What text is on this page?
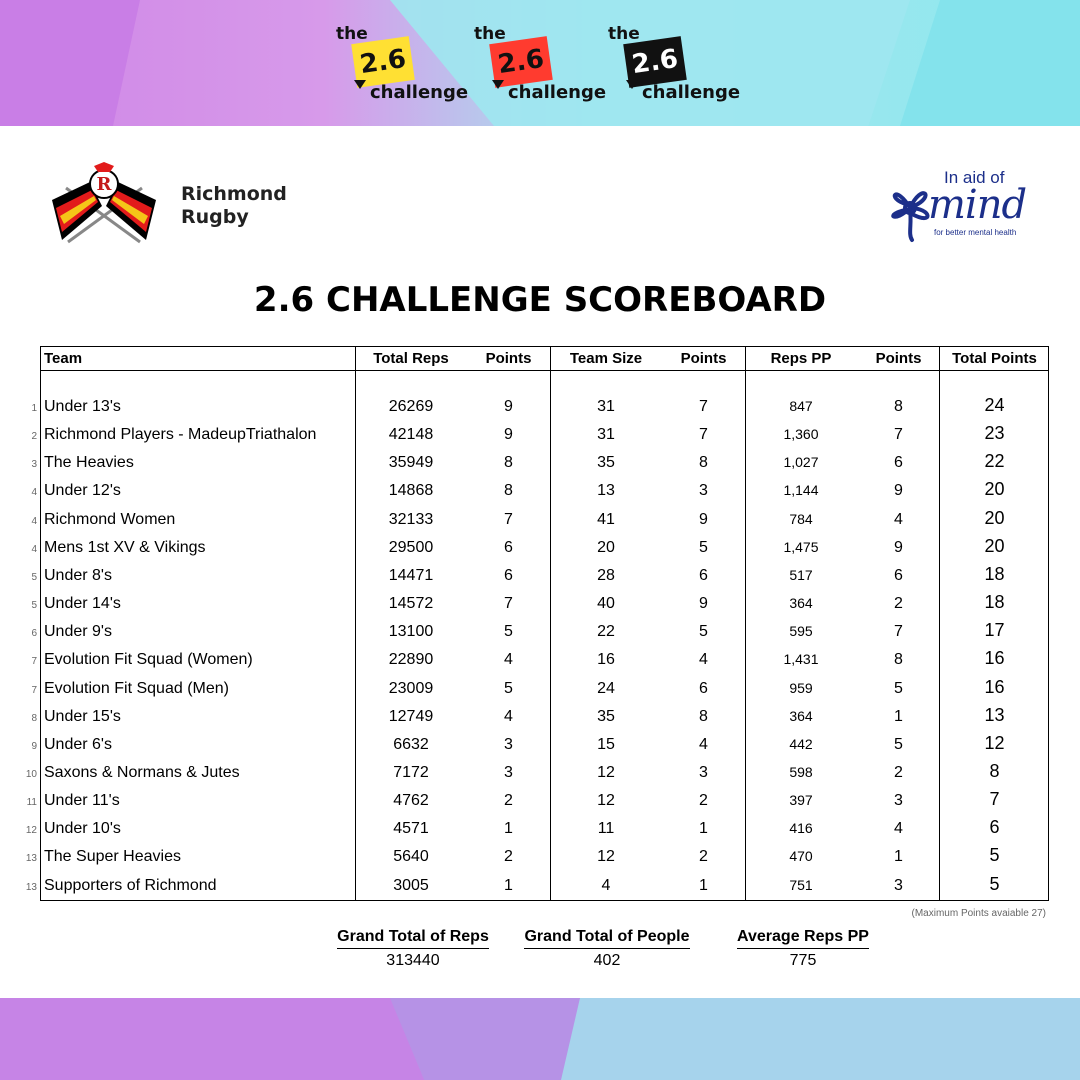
the
2.6
challenge
the
2.6
challenge
the
2.6
challenge
R	Richmond
Rugby
In aid of
mind
for better mental health
2.6 CHALLENGE SCOREBOARD
Team	Total Reps	Points	Team Size	Points	Reps PP	Points	Total Points
1 Under 13's	26269	9	31	7	847	8	24
2 Richmond Players - MadeupTriathalon	42148	9	31	7	1,360	7	23
3 The Heavies	35949	8	35	8	1,027	6	22
4 Under 12's	14868	8	13	3	1,144	9	20
4 Richmond Women	32133	7	41	9	784	4	20
4 Mens 1st XV & Vikings	29500	6	20	5	1,475	9	20
5 Under 8's	14471	6	28	6	517	6	18
5 Under 14's	14572	7	40	9	364	2	18
6 Under 9's	13100	5	22	5	595	7	17
7 Evolution Fit Squad (Women)	22890	4	16	4	1,431	8	16
7 Evolution Fit Squad (Men)	23009	5	24	6	959	5	16
8 Under 15's	12749	4	35	8	364	1	13
9 Under 6's	6632	3	15	4	442	5	12
10 Saxons & Normans & Jutes	7172	3	12	3	598	2	8
11 Under 11's	4762	2	12	2	397	3	7
12 Under 10's	4571	1	11	1	416	4	6
13 The Super Heavies	5640	2	12	2	470	1	5
13 Supporters of Richmond	3005	1	4	1	751	3	5
(Maximum Points avaiable 27)
Grand Total of Reps
313440
Grand Total of People
402
Average Reps PP
775
